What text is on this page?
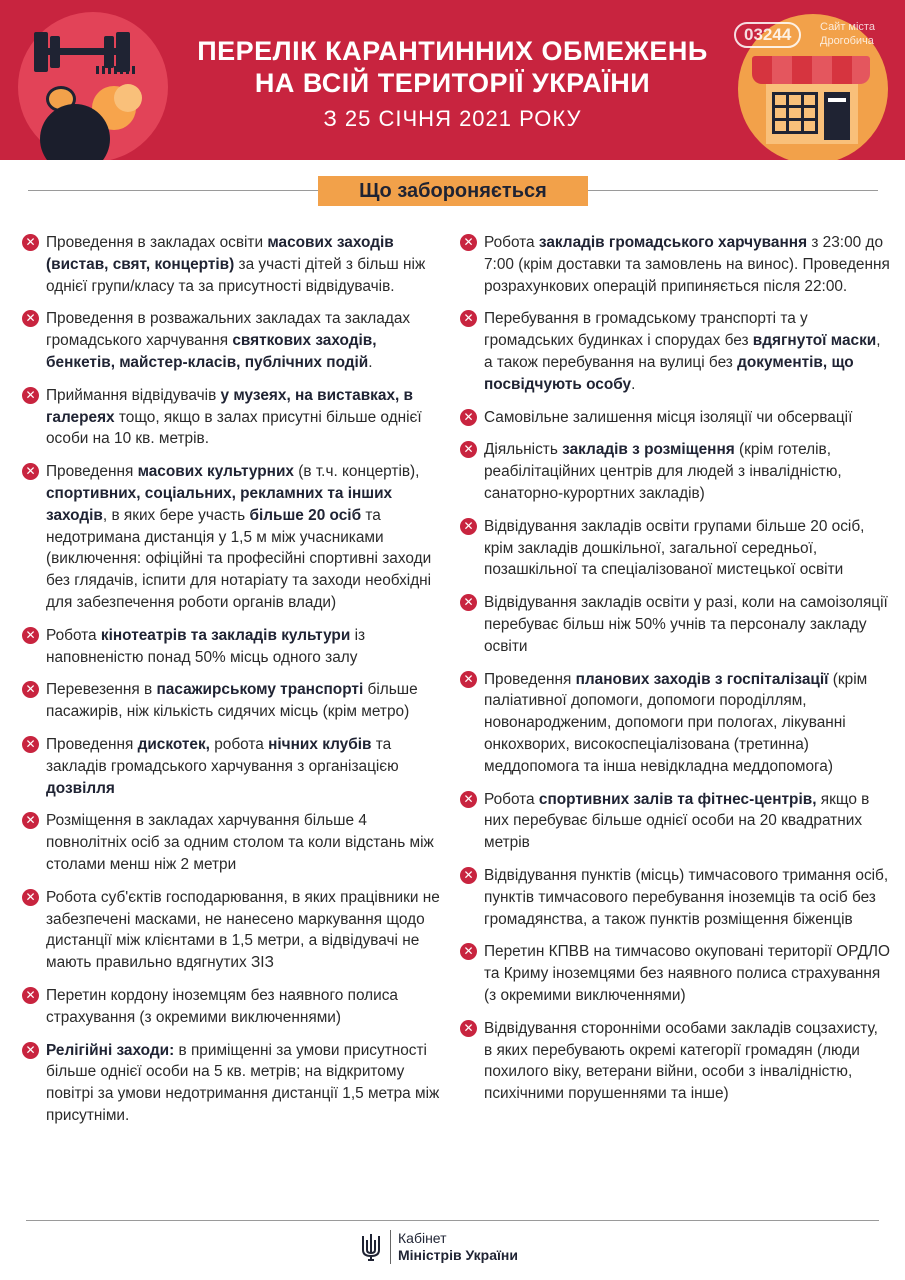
ПЕРЕЛІК КАРАНТИННИХ ОБМЕЖЕНЬ
НА ВСІЙ ТЕРИТОРІЇ УКРАЇНИ
З 25 СІЧНЯ 2021 РОКУ
03244	Сайт міста
Дрогобича
Що забороняється
✕ Проведення в закладах освіти масових заходів (вистав, свят, концертів) за участі дітей з більш ніж однієї групи/класу та за присутності відвідувачів.
✕ Проведення в розважальних закладах та закладах громадського харчування святкових заходів, бенкетів, майстер-класів, публічних подій.
✕ Приймання відвідувачів у музеях, на виставках, в галереях тощо, якщо в залах присутні більше однієї особи на 10 кв. метрів.
✕ Проведення масових культурних (в т.ч. концертів), спортивних, соціальних, рекламних та інших заходів, в яких бере участь більше 20 осіб та недотримана дистанція у 1,5 м між учасниками (виключення: офіційні та професійні спортивні заходи без глядачів, іспити для нотаріату та заходи необхідні для забезпечення роботи органів влади)
✕ Робота кінотеатрів та закладів культури із наповненістю понад 50% місць одного залу
✕ Перевезення в пасажирському транспорті більше пасажирів, ніж кількість сидячих місць (крім метро)
✕ Проведення дискотек, робота нічних клубів та закладів громадського харчування з організацією дозвілля
✕ Розміщення в закладах харчування більше 4 повнолітніх осіб за одним столом та коли відстань між столами менш ніж 2 метри
✕ Робота суб'єктів господарювання, в яких працівники не забезпечені масками, не нанесено маркування щодо дистанції між клієнтами в 1,5 метри, а відвідувачі не мають правильно вдягнутих ЗІЗ
✕ Перетин кордону іноземцям без наявного полиса страхування (з окремими виключеннями)
✕ Релігійні заходи: в приміщенні за умови присутності більше однієї особи на 5 кв. метрів; на відкритому повітрі за умови недотримання дистанції 1,5 метра між присутніми.
✕ Робота закладів громадського харчування з 23:00 до 7:00 (крім доставки та замовлень на винос). Проведення розрахункових операцій припиняється після 22:00.
✕ Перебування в громадському транспорті та у громадських будинках і спорудах без вдягнутої маски, а також перебування на вулиці без документів, що посвідчують особу.
✕ Самовільне залишення місця ізоляції чи обсервації
✕ Діяльність закладів з розміщення (крім готелів, реабілітаційних центрів для людей з інвалідністю, санаторно-курортних закладів)
✕ Відвідування закладів освіти групами більше 20 осіб, крім закладів дошкільної, загальної середньої, позашкільної та спеціалізованої мистецької освіти
✕ Відвідування закладів освіти у разі, коли на самоізоляції перебуває більш ніж 50% учнів та персоналу закладу освіти
✕ Проведення планових заходів з госпіталізації (крім паліативної допомоги, допомоги породіллям, новонародженим, допомоги при пологах, лікуванні онкохворих, високоспеціалізована (третинна) меддопомога та інша невідкладна меддопомога)
✕ Робота спортивних залів та фітнес-центрів, якщо в них перебуває більше однієї особи на 20 квадратних метрів
✕ Відвідування пунктів (місць) тимчасового тримання осіб, пунктів тимчасового перебування іноземців та осіб без громадянства, а також пунктів розміщення біженців
✕ Перетин КПВВ на тимчасово окуповані території ОРДЛО та Криму іноземцями без наявного полиса страхування (з окремими виключеннями)
✕ Відвідування сторонніми особами закладів соцзахисту, в яких перебувають окремі категорії громадян (люди похилого віку, ветерани війни, особи з інвалідністю, психічними порушеннями та інше)
Кабінет
Міністрів України
